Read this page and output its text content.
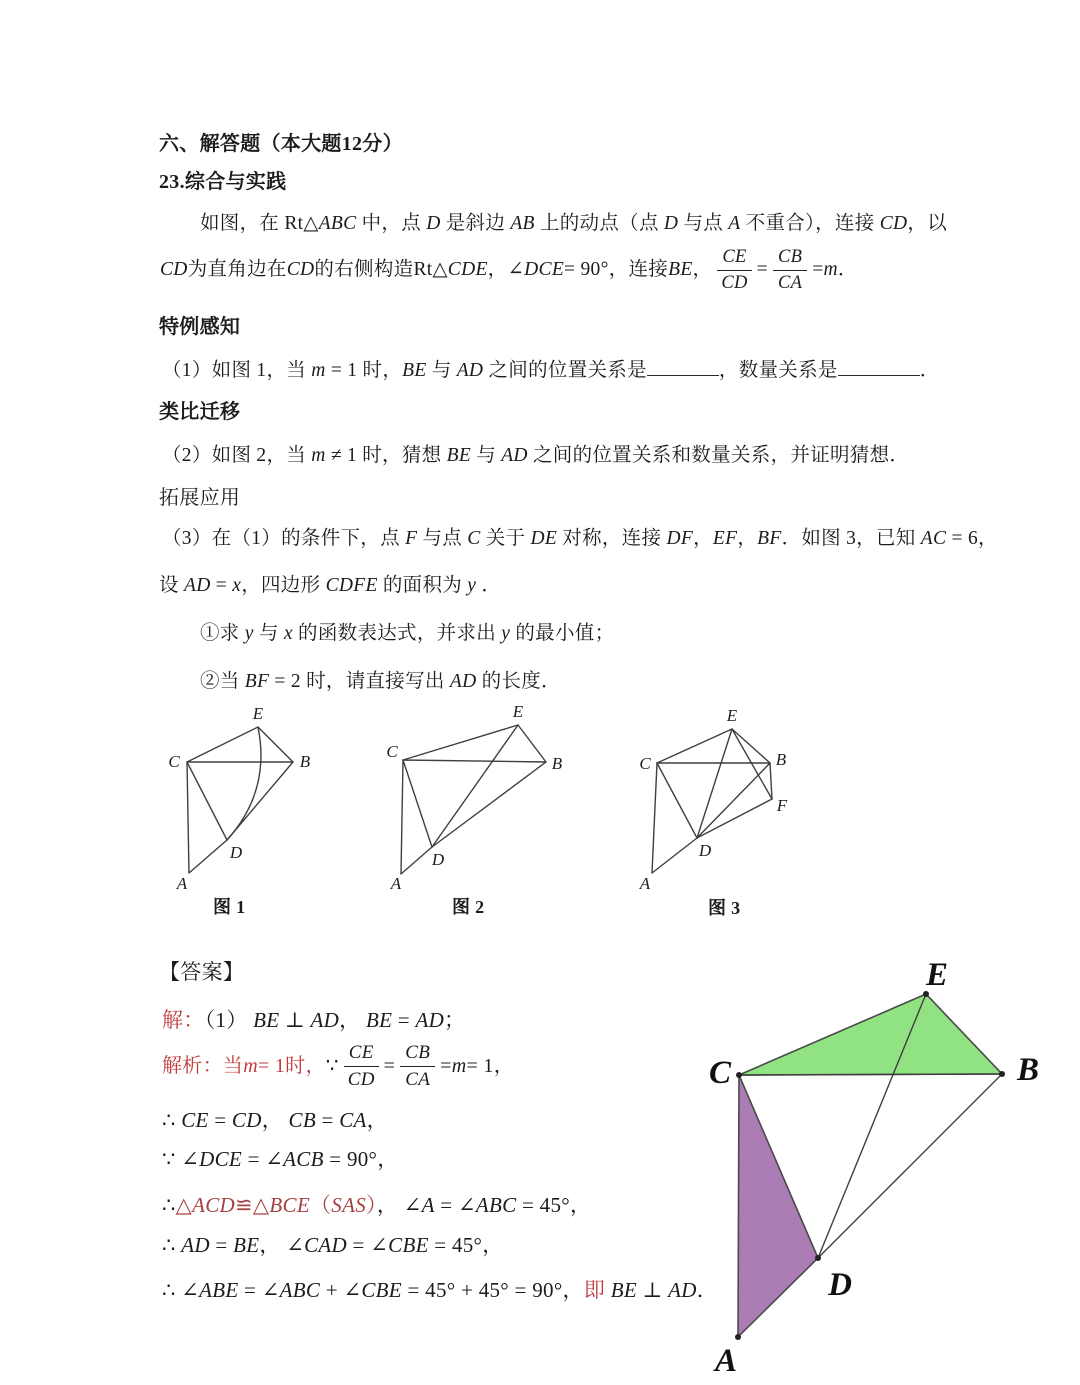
六、解答题（本大题12分）
23.综合与实践
如图，在 Rt△ABC 中，点 D 是斜边 AB 上的动点（点 D 与点 A 不重合），连接 CD，以
CD 为直角边在 CD 的右侧构造 Rt△ CDE ， ∠ DCE = 90° ，连接 BE ， $\frac{CE}{CD} = \frac{CB}{CA} = m$ ．
特例感知
（1）如图 1，当 m = 1 时，BE 与 AD 之间的位置关系是	，数量关系是	．
类比迁移
（2）如图 2，当 m ≠ 1 时，猜想 BE 与 AD 之间的位置关系和数量关系，并证明猜想．
拓展应用
（3）在（1）的条件下，点 F 与点 C 关于 DE 对称，连接 DF，EF，BF．如图 3，已知 AC = 6，
设 AD = x，四边形 CDFE 的面积为 y ．
①求 y 与 x 的函数表达式，并求出 y 的最小值；
②当 BF = 2 时，请直接写出 AD 的长度．
E
C	B
D
A
图 1
E
C
B
D
A
图 2
E
C	B
F
D
A
图 3
【答案】
解：（1） BE ⊥ AD， BE = AD；
解析：当 m = 1 时， ∵ $\frac{CE}{CD} = \frac{CB}{CA} = m = 1$ ，
∴ CE = CD， CB = CA，
∵ ∠DCE = ∠ACB = 90°，
∴△ACD≌△BCE（SAS）， ∠A = ∠ABC = 45°，
∴ AD = BE， ∠CAD = ∠CBE = 45°，
∴ ∠ABE = ∠ABC + ∠CBE = 45° + 45° = 90°，即 BE ⊥ AD．
E
C	B
D
A
